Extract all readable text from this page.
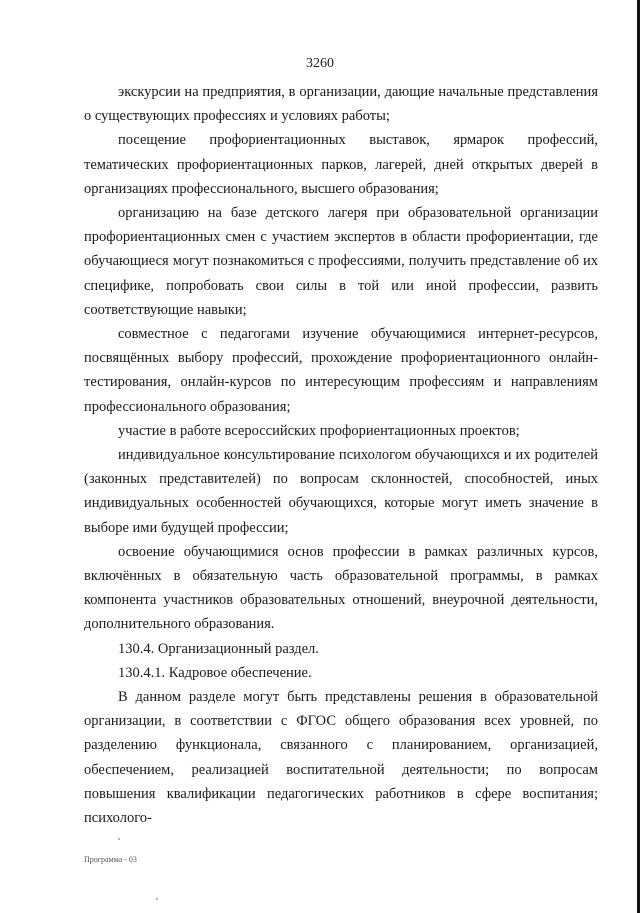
3260

экскурсии на предприятия, в организации, дающие начальные представления о существующих профессиях и условиях работы;

посещение профориентационных выставок, ярмарок профессий, тематических профориентационных парков, лагерей, дней открытых дверей в организациях профессионального, высшего образования;

организацию на базе детского лагеря при образовательной организации профориентационных смен с участием экспертов в области профориентации, где обучающиеся могут познакомиться с профессиями, получить представление об их специфике, попробовать свои силы в той или иной профессии, развить соответствующие навыки;

совместное с педагогами изучение обучающимися интернет-ресурсов, посвящённых выбору профессий, прохождение профориентационного онлайн-тестирования, онлайн-курсов по интересующим профессиям и направлениям профессионального образования;

участие в работе всероссийских профориентационных проектов;

индивидуальное консультирование психологом обучающихся и их родителей (законных представителей) по вопросам склонностей, способностей, иных индивидуальных особенностей обучающихся, которые могут иметь значение в выборе ими будущей профессии;

освоение обучающимися основ профессии в рамках различных курсов, включённых в обязательную часть образовательной программы, в рамках компонента участников образовательных отношений, внеурочной деятельности, дополнительного образования.

130.4. Организационный раздел.

130.4.1. Кадровое обеспечение.

В данном разделе могут быть представлены решения в образовательной организации, в соответствии с ФГОС общего образования всех уровней, по разделению функционала, связанного с планированием, организацией, обеспечением, реализацией воспитательной деятельности; по вопросам повышения квалификации педагогических работников в сфере воспитания; психолого-

Программа - 03
